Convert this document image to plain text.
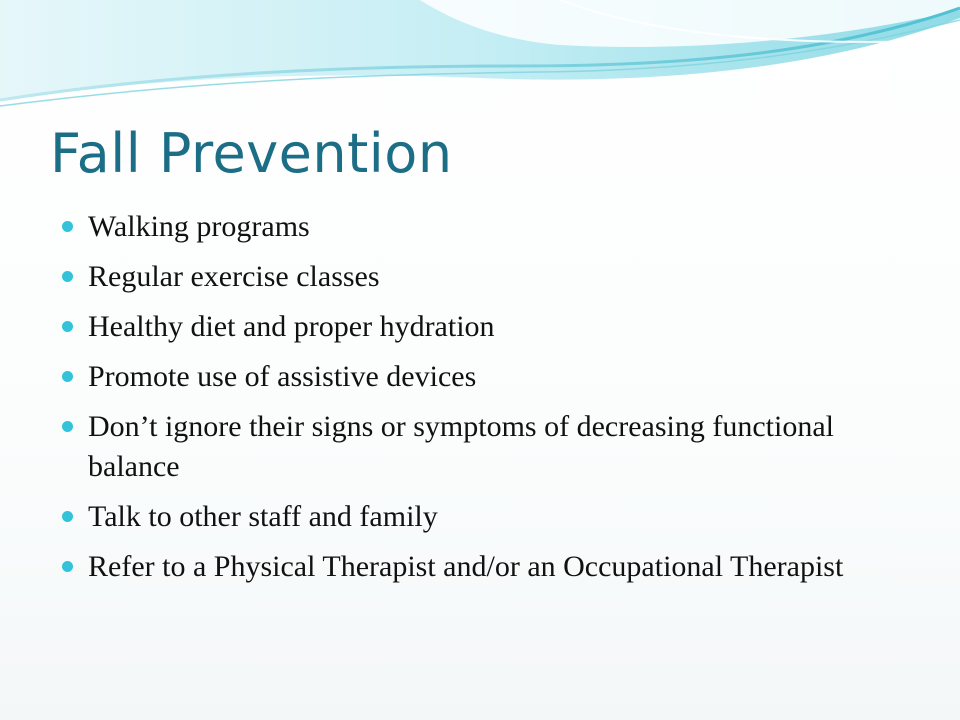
Fall Prevention
Walking programs
Regular exercise classes
Healthy diet and proper hydration
Promote use of assistive devices
Don’t ignore their signs or symptoms of decreasing functional balance
Talk to other staff and family
Refer to a Physical Therapist and/or an Occupational Therapist
